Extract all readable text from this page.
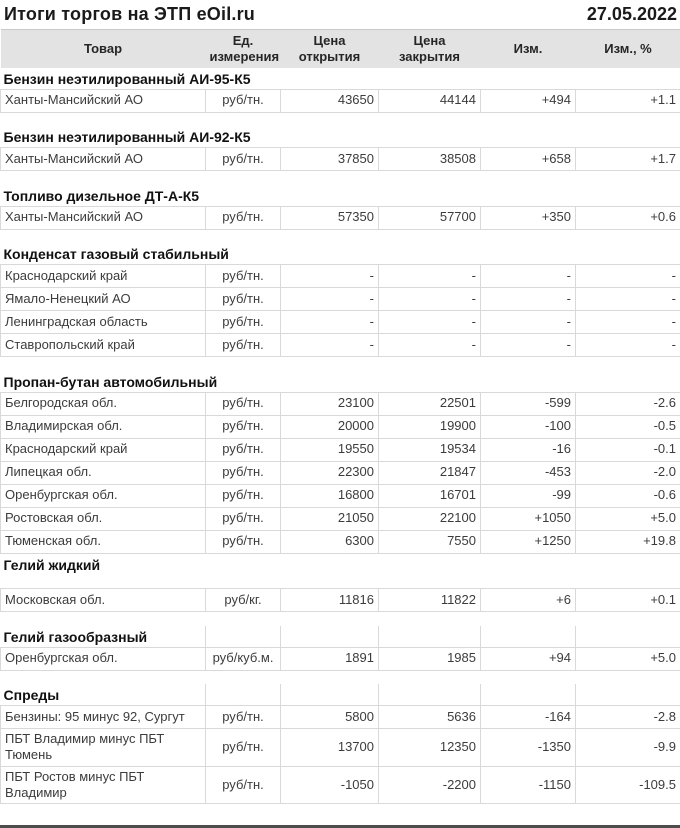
Итоги торгов на ЭТП eOil.ru	27.05.2022
Товар	Ед. измерения	Цена открытия	Цена закрытия	Изм.	Изм., %
Бензин неэтилированный АИ-95-К5					
Ханты-Мансийский АО	руб/тн.	43650	44144	+494	+1.1

Бензин неэтилированный АИ-92-К5					
Ханты-Мансийский АО	руб/тн.	37850	38508	+658	+1.7

Топливо дизельное ДТ-А-К5					
Ханты-Мансийский АО	руб/тн.	57350	57700	+350	+0.6

Конденсат газовый стабильный					
Краснодарский край	руб/тн.	-	-	-	-
Ямало-Ненецкий АО	руб/тн.	-	-	-	-
Ленинградская область	руб/тн.	-	-	-	-
Ставропольский край	руб/тн.	-	-	-	-

Пропан-бутан автомобильный					
Белгородская обл.	руб/тн.	23100	22501	-599	-2.6
Владимирская обл.	руб/тн.	20000	19900	-100	-0.5
Краснодарский край	руб/тн.	19550	19534	-16	-0.1
Липецкая обл.	руб/тн.	22300	21847	-453	-2.0
Оренбургская обл.	руб/тн.	16800	16701	-99	-0.6
Ростовская обл.	руб/тн.	21050	22100	+1050	+5.0
Тюменская обл.	руб/тн.	6300	7550	+1250	+19.8
Гелий жидкий					

Московская обл.	руб/кг.	11816	11822	+6	+0.1

Гелий газообразный					
Оренбургская обл.	руб/куб.м.	1891	1985	+94	+5.0

Спреды					
Бензины: 95 минус 92, Сургут	руб/тн.	5800	5636	-164	-2.8
ПБТ Владимир минус ПБТ Тюмень	руб/тн.	13700	12350	-1350	-9.9
ПБТ Ростов минус ПБТ Владимир	руб/тн.	-1050	-2200	-1150	-109.5
